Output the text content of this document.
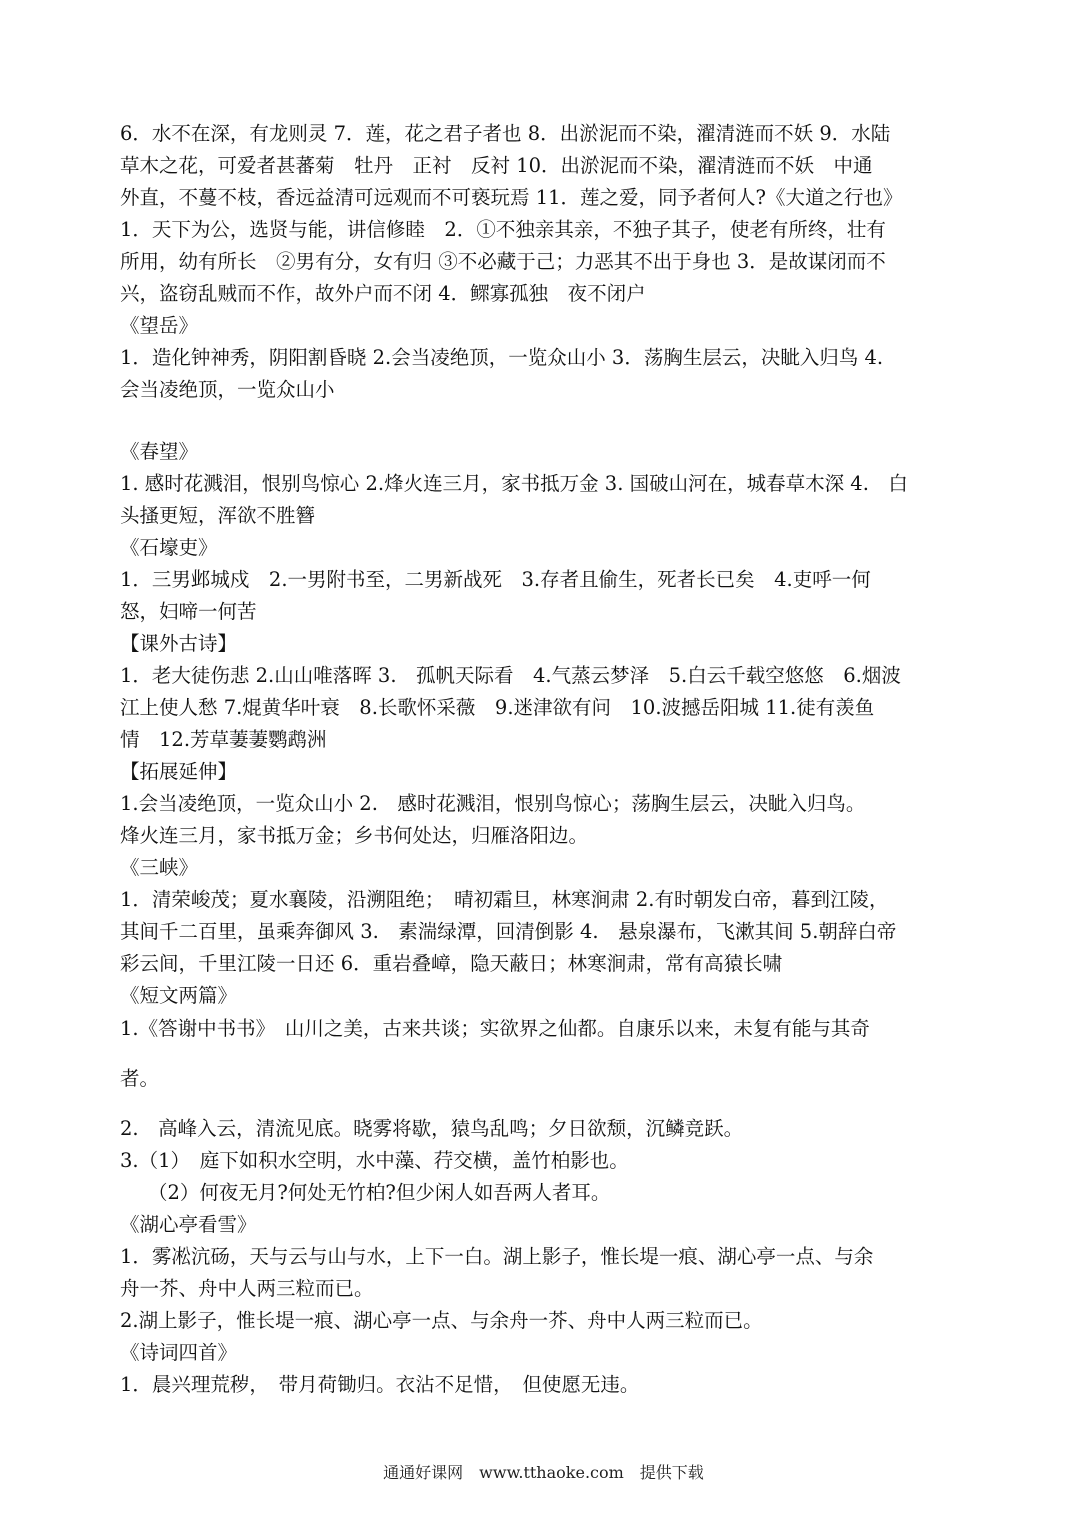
6．水不在深，有龙则灵 7．莲，花之君子者也 8．出淤泥而不染，濯清涟而不妖 9．水陆
草木之花，可爱者甚蕃菊　牡丹　正衬　反衬 10．出淤泥而不染，濯清涟而不妖　中通
外直，不蔓不枝，香远益清可远观而不可亵玩焉 11．莲之爱，同予者何人?《大道之行也》
1．天下为公，选贤与能，讲信修睦　2．①不独亲其亲，不独子其子，使老有所终，壮有
所用，幼有所长　②男有分，女有归 ③不必藏于己；力恶其不出于身也 3．是故谋闭而不
兴，盗窃乱贼而不作，故外户而不闭 4．鳏寡孤独　夜不闭户
《望岳》
1．造化钟神秀，阴阳割昏晓 2.会当凌绝顶，一览众山小 3．荡胸生层云，决眦入归鸟 4.
会当凌绝顶，一览众山小
《春望》
1. 感时花溅泪，恨别鸟惊心 2.烽火连三月，家书抵万金 3. 国破山河在，城春草木深 4.　白
头搔更短，浑欲不胜簪
《石壕吏》
1．三男邺城戍　2.一男附书至，二男新战死　3.存者且偷生，死者长已矣　4.吏呼一何
怒，妇啼一何苦
【课外古诗】
1．老大徒伤悲 2.山山唯落晖 3.　孤帆天际看　4.气蒸云梦泽　5.白云千载空悠悠　6.烟波
江上使人愁 7.焜黄华叶衰　8.长歌怀采薇　9.迷津欲有问　10.波撼岳阳城 11.徒有羡鱼
情　12.芳草萋萋鹦鹉洲
【拓展延伸】
1.会当凌绝顶，一览众山小 2.　感时花溅泪，恨别鸟惊心；荡胸生层云，决眦入归鸟。
烽火连三月，家书抵万金；乡书何处达，归雁洛阳边。
《三峡》
1．清荣峻茂；夏水襄陵，沿溯阻绝；　晴初霜旦，林寒涧肃 2.有时朝发白帝，暮到江陵，
其间千二百里，虽乘奔御风 3.　素湍绿潭，回清倒影 4.　悬泉瀑布，飞漱其间 5.朝辞白帝
彩云间，千里江陵一日还 6．重岩叠嶂，隐天蔽日；林寒涧肃，常有高猿长啸
《短文两篇》
1.《答谢中书书》　山川之美，古来共谈；实欲界之仙都。自康乐以来，未复有能与其奇
者。
2.　高峰入云，清流见底。晓雾将歇，猿鸟乱鸣；夕日欲颓，沉鳞竞跃。
3.（1）　庭下如积水空明，水中藻、荇交横，盖竹柏影也。
（2）何夜无月?何处无竹柏?但少闲人如吾两人者耳。
《湖心亭看雪》
1．雾凇沆砀，天与云与山与水，上下一白。湖上影子，惟长堤一痕、湖心亭一点、与余
舟一芥、舟中人两三粒而已。
2.湖上影子，惟长堤一痕、湖心亭一点、与余舟一芥、舟中人两三粒而已。
《诗词四首》
1．晨兴理荒秽，　带月荷锄归。衣沾不足惜，　但使愿无违。
通通好课网　www.tthaoke.com　提供下载
